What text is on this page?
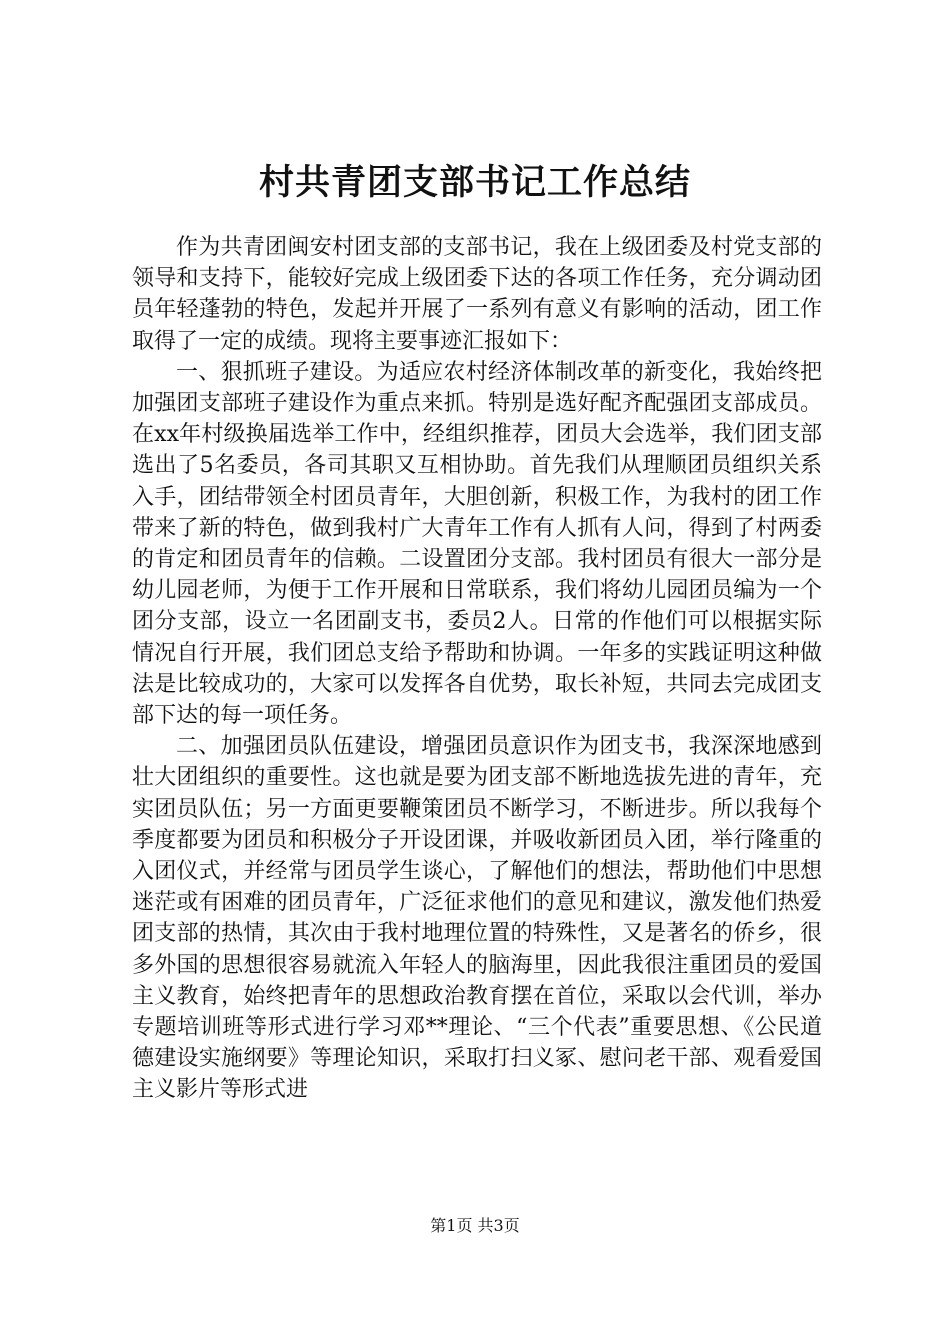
村共青团支部书记工作总结

作为共青团闽安村团支部的支部书记，我在上级团委及村党支部的领导和支持下，能较好完成上级团委下达的各项工作任务，充分调动团员年轻蓬勃的特色，发起并开展了一系列有意义有影响的活动，团工作取得了一定的成绩。现将主要事迹汇报如下：

一、狠抓班子建设。为适应农村经济体制改革的新变化，我始终把加强团支部班子建设作为重点来抓。特别是选好配齐配强团支部成员。在xx年村级换届选举工作中，经组织推荐，团员大会选举，我们团支部选出了5名委员，各司其职又互相协助。首先我们从理顺团员组织关系入手，团结带领全村团员青年，大胆创新，积极工作，为我村的团工作带来了新的特色，做到我村广大青年工作有人抓有人问，得到了村两委的肯定和团员青年的信赖。二设置团分支部。我村团员有很大一部分是幼儿园老师，为便于工作开展和日常联系，我们将幼儿园团员编为一个团分支部，设立一名团副支书，委员2人。日常的作他们可以根据实际情况自行开展，我们团总支给予帮助和协调。一年多的实践证明这种做法是比较成功的，大家可以发挥各自优势，取长补短，共同去完成团支部下达的每一项任务。

二、加强团员队伍建设，增强团员意识作为团支书，我深深地感到壮大团组织的重要性。这也就是要为团支部不断地选拔先进的青年，充实团员队伍；另一方面更要鞭策团员不断学习，不断进步。所以我每个季度都要为团员和积极分子开设团课，并吸收新团员入团，举行隆重的入团仪式，并经常与团员学生谈心，了解他们的想法，帮助他们中思想迷茫或有困难的团员青年，广泛征求他们的意见和建议，激发他们热爱团支部的热情，其次由于我村地理位置的特殊性，又是著名的侨乡，很多外国的思想很容易就流入年轻人的脑海里，因此我很注重团员的爱国主义教育，始终把青年的思想政治教育摆在首位，采取以会代训，举办专题培训班等形式进行学习邓**理论、“三个代表”重要思想、《公民道德建设实施纲要》等理论知识，采取打扫义冢、慰问老干部、观看爱国主义影片等形式进

第1页 共3页
